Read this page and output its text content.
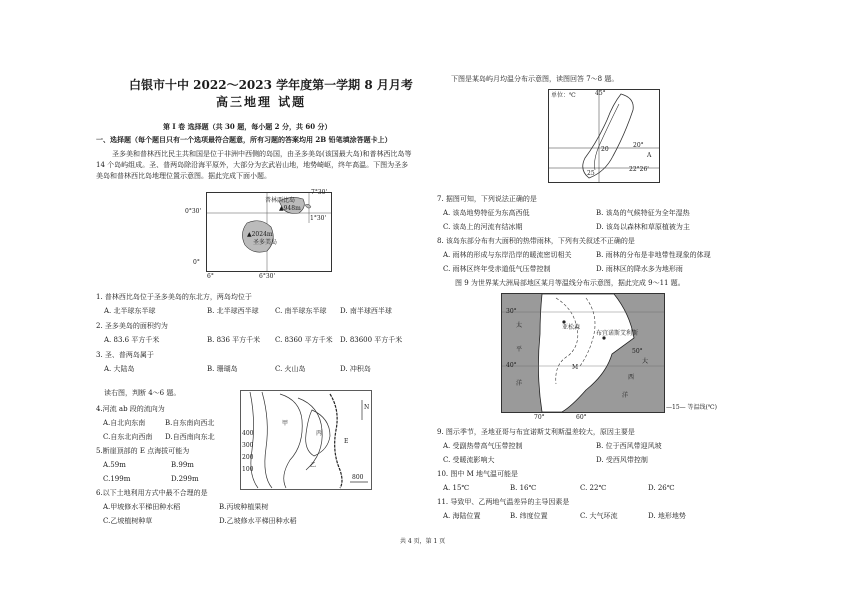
白银市十中 2022～2023 学年度第一学期 8 月月考
高三地理 试题
第 I 卷 选择题（共 30 题，每小题 2 分，共 60 分）
一、选择题（每个题目只有一个选项最符合题意，所有习题的答案均用 2B 铅笔填涂答题卡上）
圣多美和普林西比民主共和国是位于非洲中西侧的岛国，由圣多美岛(该国最大岛)和普林西比岛等
14 个岛屿组成。圣、普两岛除沿海平原外，大部分为玄武岩山地，地势崎岖，终年高温。下图为圣多
美岛和普林西比岛地理位置示意图。据此完成下面小题。
0°30'
0°
6°	6°30'
1°30'
7°30'
普林西比岛
▲948m
▲2024m
圣多美岛
1. 普林西比岛位于圣多美岛的东北方，两岛均位于
A. 北半球东半球	B. 北半球西半球 C. 南半球东半球 D. 南半球西半球
2. 圣多美岛的面积约为
A. 83.6 平方千米	B. 836 平方千米 C. 8360 平方千米 D. 83600 平方千米
3. 圣、普两岛属于
A. 大陆岛	B. 珊瑚岛	C. 火山岛	D. 冲积岛
读右图，判断 4～6 题。
4.河流 ab 段的流向为
A.自北向东南	B.自东南向西北
C.自东北向西南 D.自西南向东北
5.断崖顶部的 E 点海拔可能为
A.59m	B.99m
C.199m	D.299m
6.以下土地利用方式中最不合理的是
A.甲坡修水平梯田种水稻	B.丙坡种植果树
C.乙坡植树种草	D.乙坡修水平梯田种水稻
N
400
300
200
100
800
甲
乙
丙
E
下图是某岛屿月均温分布示意图，读图回答 7～8 题。
单位：℃	45°
20
20°
25
22°26'
A
7. 据图可知，下列说法正确的是
A. 该岛地势特征为东高西低	B. 该岛的气候特征为全年湿热
C. 该岛上的河流有结冰期	D. 该岛以森林和草原植被为主
8. 该岛东部分布有大面积的热带雨林，下列有关叙述不正确的是
A. 雨林的形成与东岸沿岸的暖流密切相关	B. 雨林的分布是非地带性现象的体现
C. 雨林区终年受赤道低气压带控制	D. 雨林区的降水多为地形雨
图 9 为世界某大洲局部地区某月等温线分布示意图，据此完成 9～11 题。
30°
40°
50°
亚松森
布宜诺斯艾利斯
M
太
平
洋
大
西
洋
70°	60°
—15— 等温线(℃)
9. 图示季节，圣地亚哥与布宜诺斯艾利斯温差较大，原因主要是
A. 受副热带高气压带控制	B. 位于西风带迎风坡
C. 受暖流影响大	D. 受西风带控制
10. 图中 M 地气温可能是
A. 15℃	B. 16℃	C. 22℃	D. 26℃
11. 导致甲、乙两地气温差异的主导因素是
A. 海陆位置	B. 纬度位置	C. 大气环流	D. 地形地势
共 4 页，第 1 页
